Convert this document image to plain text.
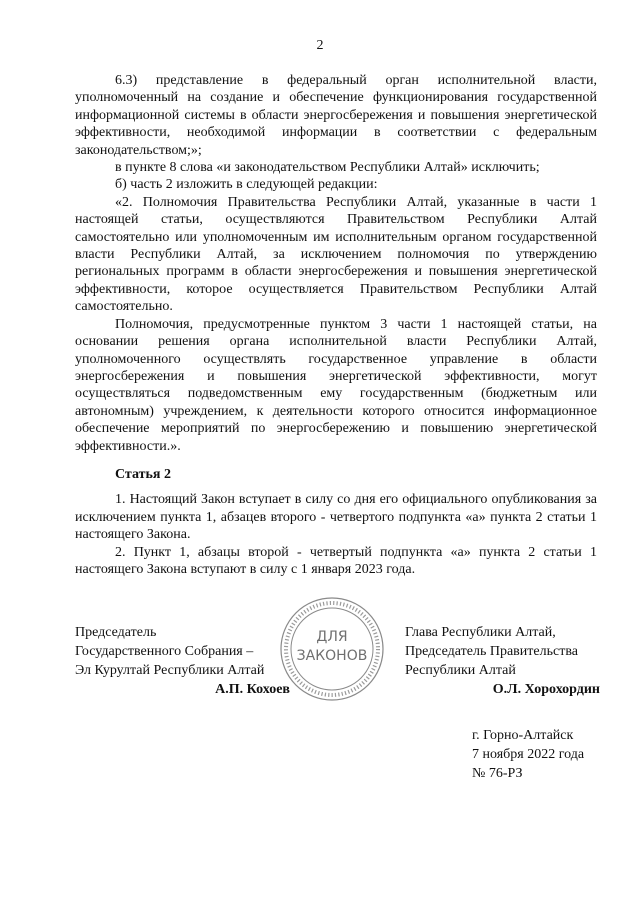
2

6.3) представление в федеральный орган исполнительной власти, уполномоченный на создание и обеспечение функционирования государственной информационной системы в области энергосбережения и повышения энергетической эффективности, необходимой информации в соответствии с федеральным законодательством;»;

в пункте 8 слова «и законодательством Республики Алтай» исключить;

б) часть 2 изложить в следующей редакции:

«2. Полномочия Правительства Республики Алтай, указанные в части 1 настоящей статьи, осуществляются Правительством Республики Алтай самостоятельно или уполномоченным им исполнительным органом государственной власти Республики Алтай, за исключением полномочия по утверждению региональных программ в области энергосбережения и повышения энергетической эффективности, которое осуществляется Правительством Республики Алтай самостоятельно.

Полномочия, предусмотренные пунктом 3 части 1 настоящей статьи, на основании решения органа исполнительной власти Республики Алтай, уполномоченного осуществлять государственное управление в области энергосбережения и повышения энергетической эффективности, могут осуществляться подведомственным ему государственным (бюджетным или автономным) учреждением, к деятельности которого относится информационное обеспечение мероприятий по энергосбережению и повышению энергетической эффективности.».

Статья 2

1. Настоящий Закон вступает в силу со дня его официального опубликования за исключением пункта 1, абзацев второго - четвертого подпункта «а» пункта 2 статьи 1 настоящего Закона.

2. Пункт 1, абзацы второй - четвертый подпункта «а» пункта 2 статьи 1 настоящего Закона вступают в силу с 1 января 2023 года.

Председатель
Государственного Собрания –
Эл Курултай Республики Алтай
А.П. Кохоев
ДЛЯ
ЗАКОНОВ
Глава Республики Алтай,
Председатель Правительства
Республики Алтай
О.Л. Хорохордин
г. Горно-Алтайск
7 ноября 2022 года
№ 76-РЗ
